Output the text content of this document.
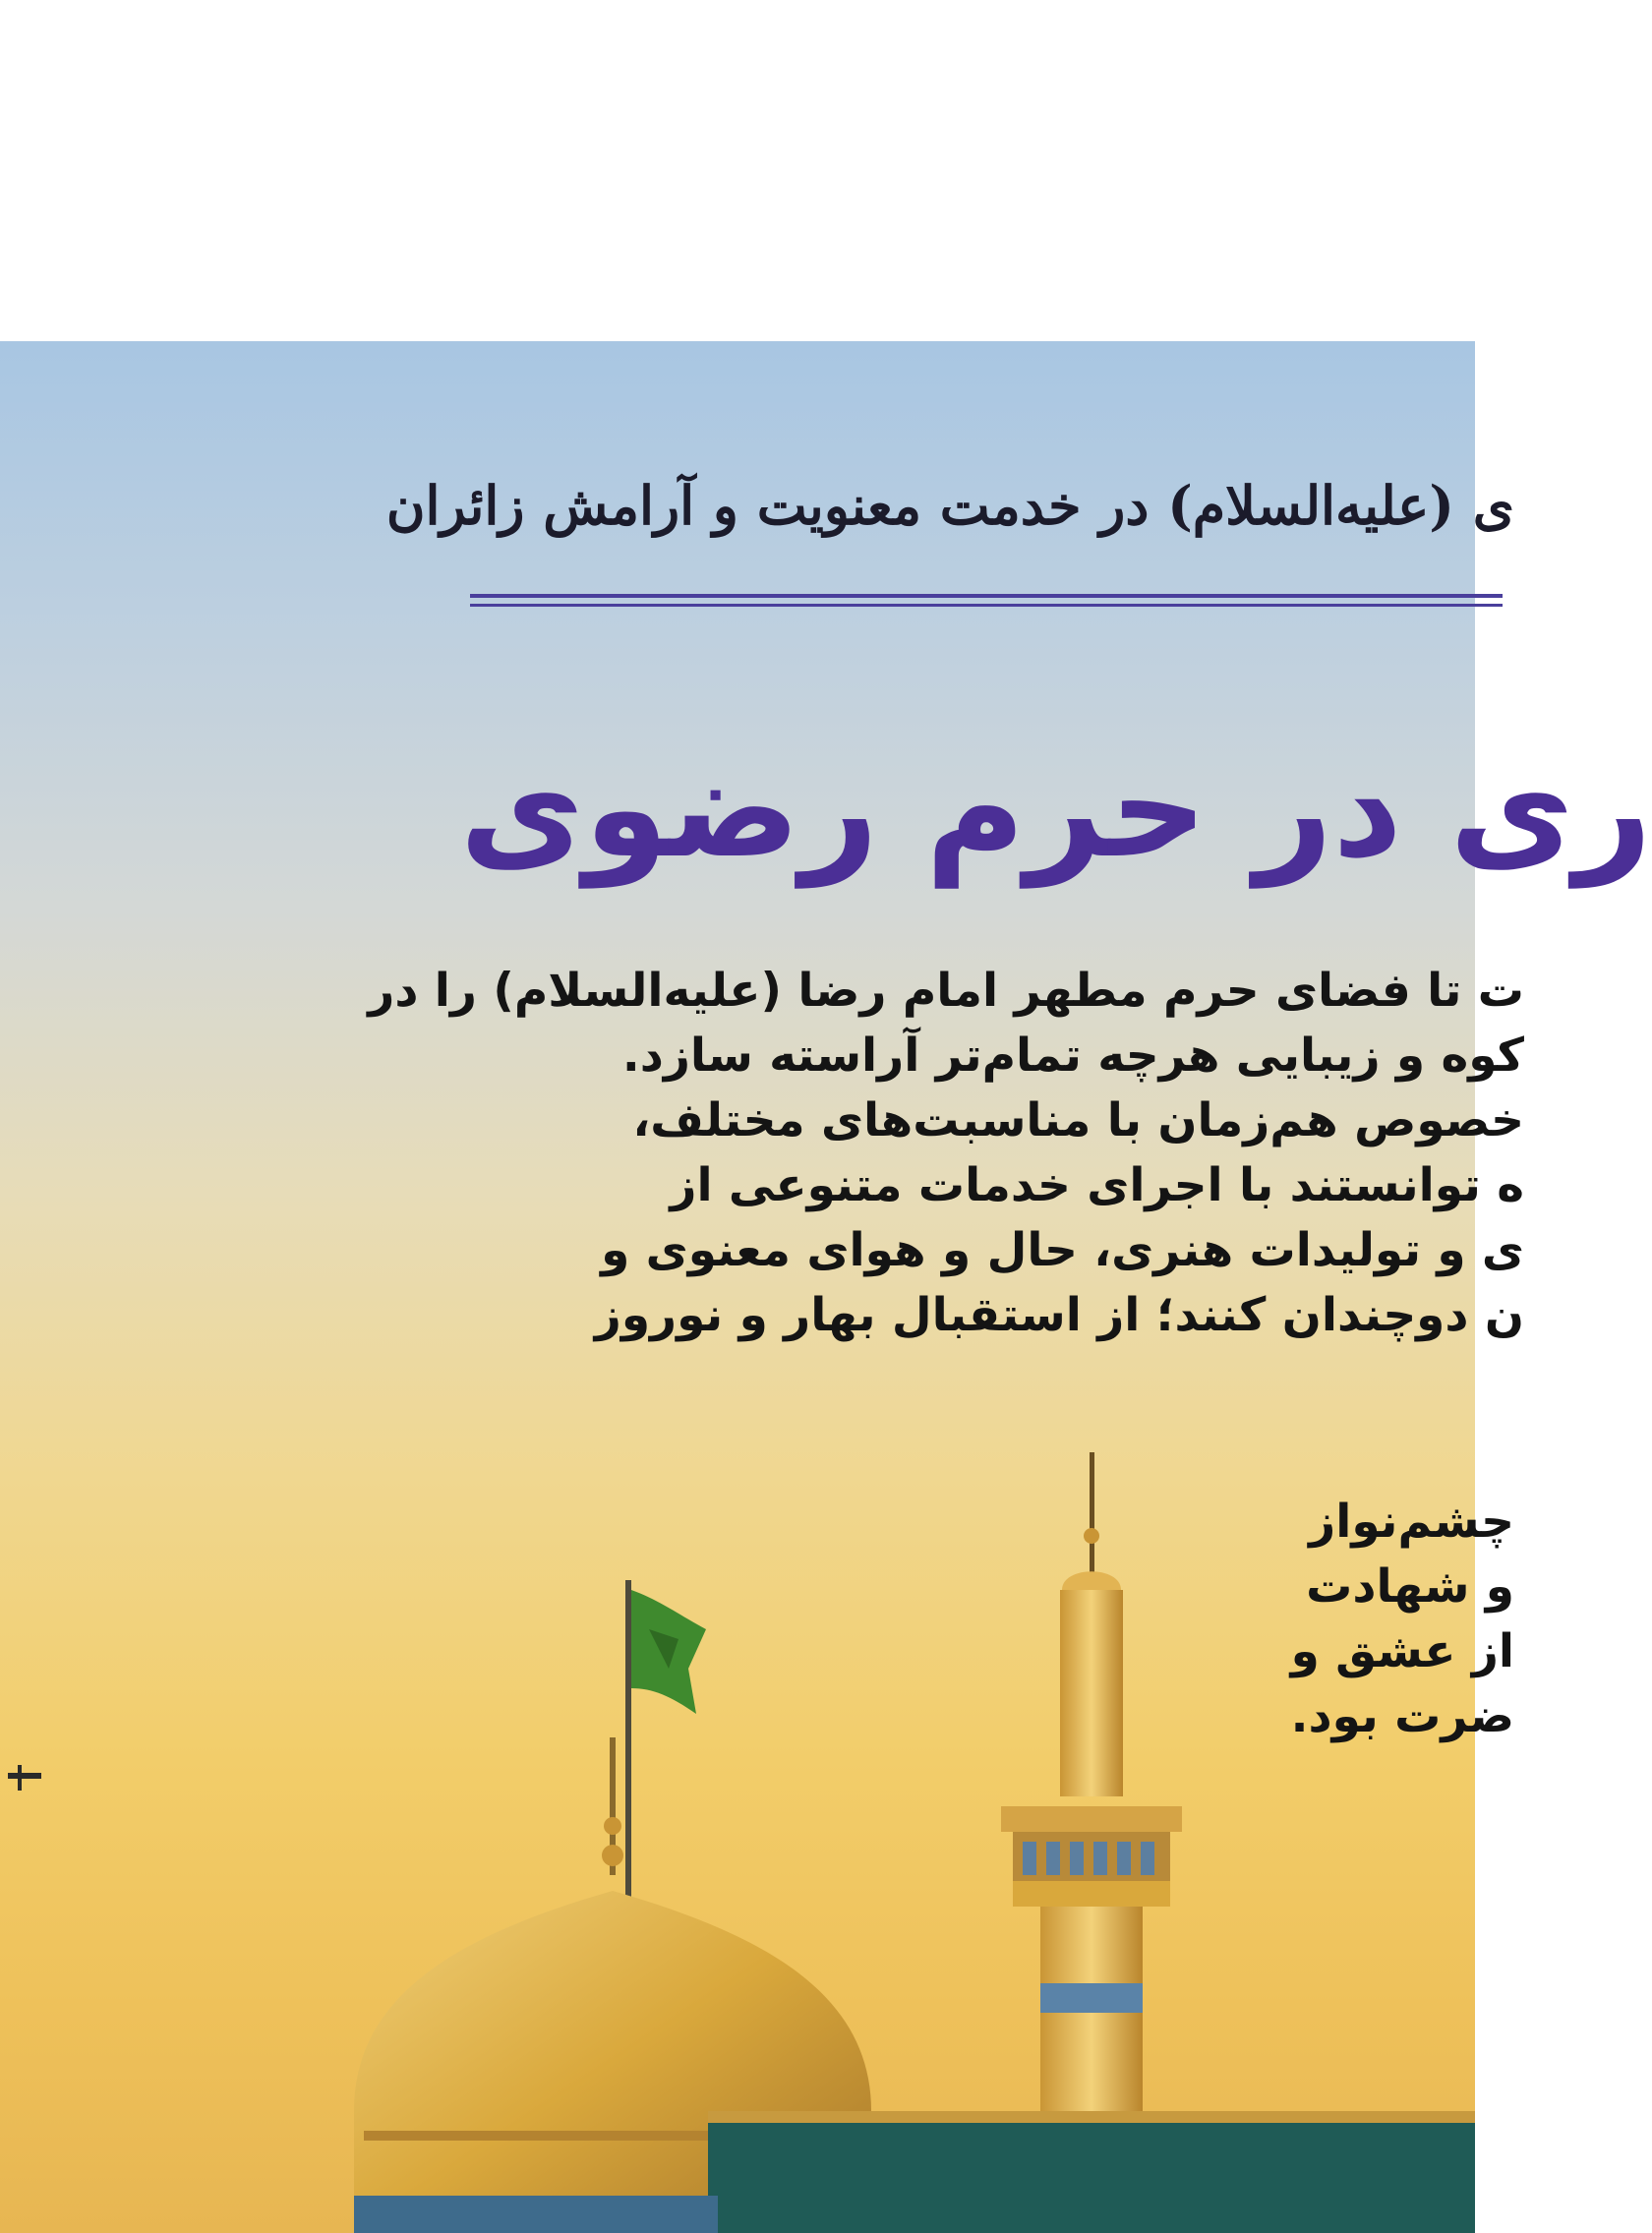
ی (علیه‌السلام) در خدمت معنویت و آرامش زائران
ری در حرم رضوی
ت تا فضای حرم مطهر امام رضا (علیه‌السلام) را در
کوه و زیبایی هرچه تمام‌تر آراسته سازد.
خصوص هم‌زمان با مناسبت‌های مختلف،
ه توانستند با اجرای خدمات متنوعی از
ی و تولیدات هنری، حال و هوای معنوی و
ن دوچندان کنند؛ از استقبال بهار و نوروز
چشم‌نواز
و شهادت
از عشق و
ضرت بود.
